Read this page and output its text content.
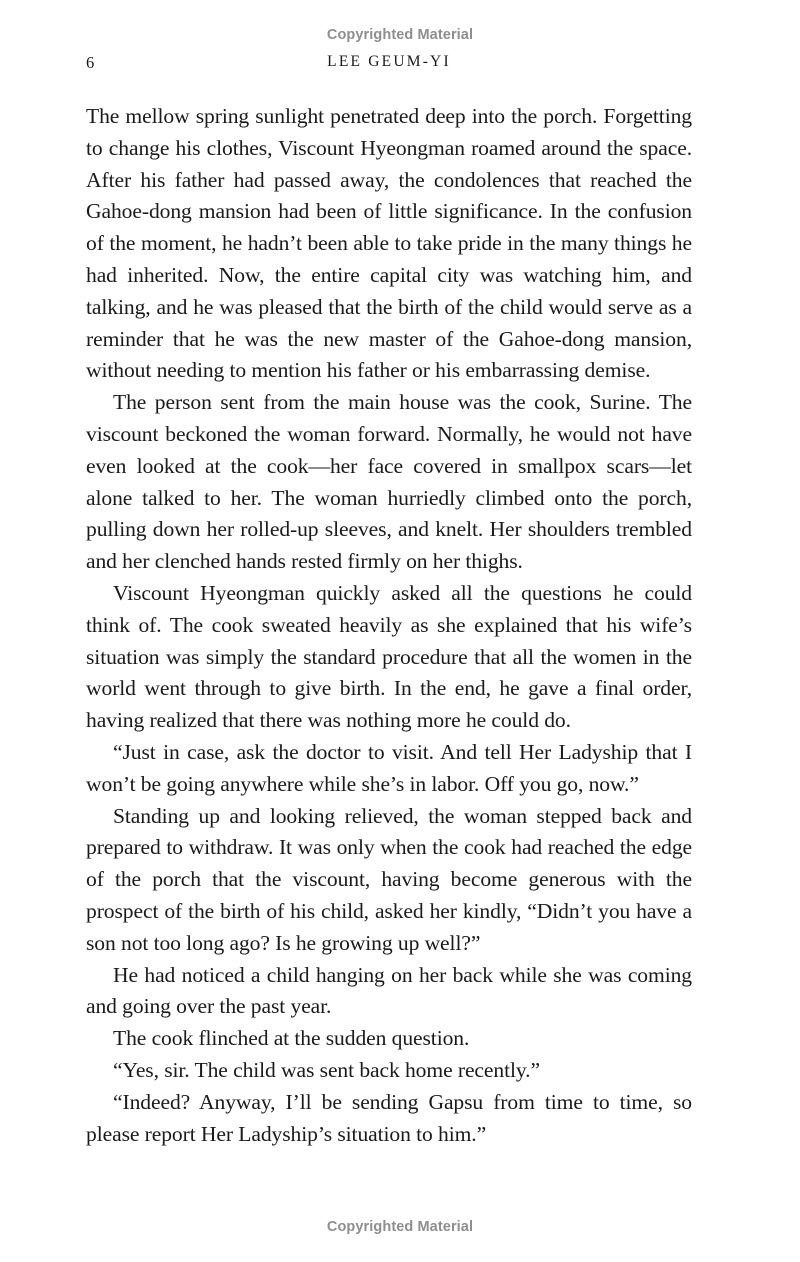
Copyrighted Material
6	LEE GEUM-YI

The mellow spring sunlight penetrated deep into the porch. Forgetting to change his clothes, Viscount Hyeongman roamed around the space. After his father had passed away, the condolences that reached the Gahoe-dong mansion had been of little significance. In the confusion of the moment, he hadn’t been able to take pride in the many things he had inherited. Now, the entire capital city was watching him, and talking, and he was pleased that the birth of the child would serve as a reminder that he was the new master of the Gahoe-dong mansion, without needing to mention his father or his embarrassing demise.

The person sent from the main house was the cook, Surine. The viscount beckoned the woman forward. Normally, he would not have even looked at the cook—her face covered in smallpox scars—let alone talked to her. The woman hurriedly climbed onto the porch, pulling down her rolled-up sleeves, and knelt. Her shoulders trembled and her clenched hands rested firmly on her thighs.

Viscount Hyeongman quickly asked all the questions he could think of. The cook sweated heavily as she explained that his wife’s situation was simply the standard procedure that all the women in the world went through to give birth. In the end, he gave a final order, having realized that there was nothing more he could do.

“Just in case, ask the doctor to visit. And tell Her Ladyship that I won’t be going anywhere while she’s in labor. Off you go, now.”

Standing up and looking relieved, the woman stepped back and prepared to withdraw. It was only when the cook had reached the edge of the porch that the viscount, having become generous with the prospect of the birth of his child, asked her kindly, “Didn’t you have a son not too long ago? Is he growing up well?”

He had noticed a child hanging on her back while she was coming and going over the past year.

The cook flinched at the sudden question.

“Yes, sir. The child was sent back home recently.”

“Indeed? Anyway, I’ll be sending Gapsu from time to time, so please report Her Ladyship’s situation to him.”

Copyrighted Material
